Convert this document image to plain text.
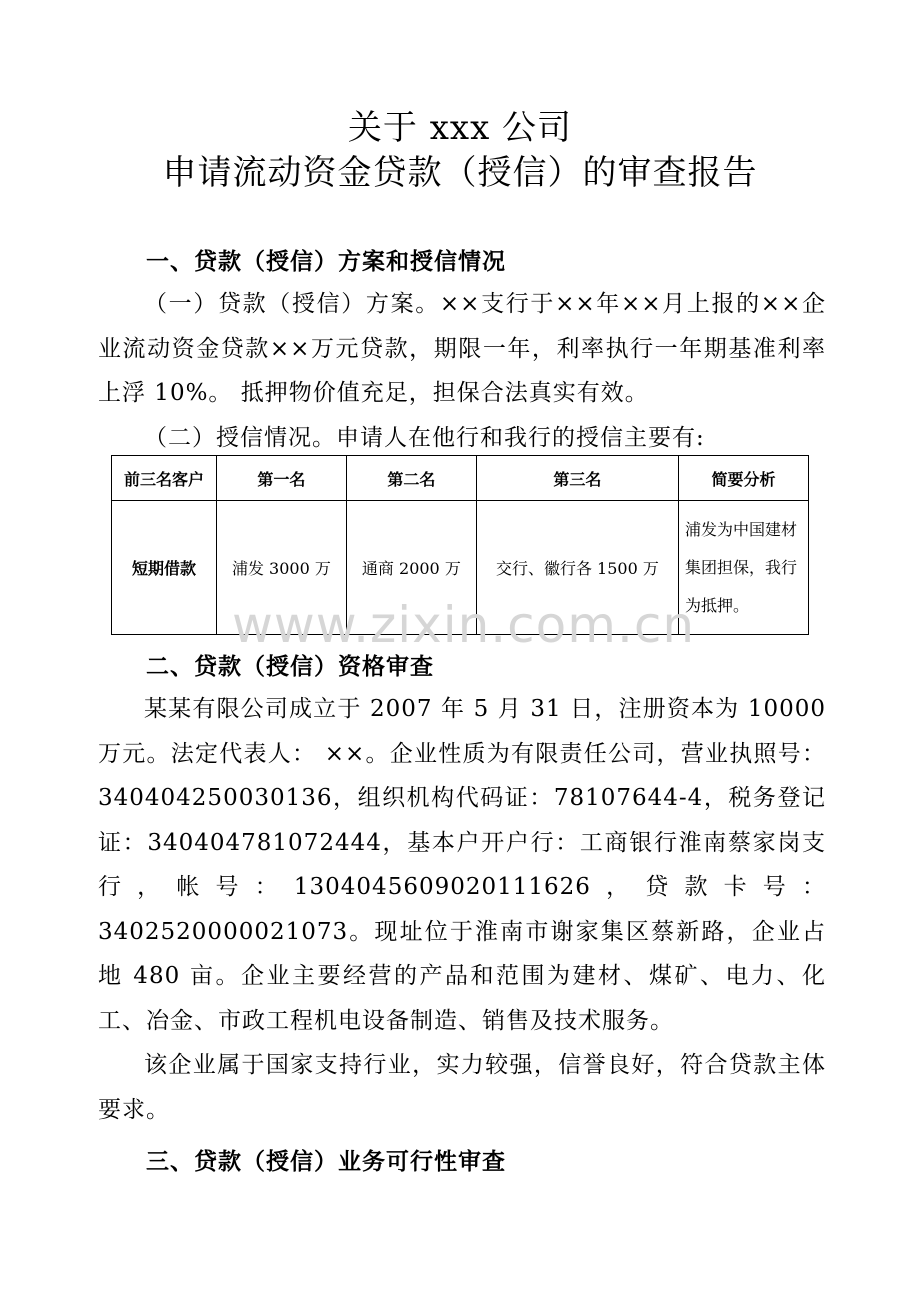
关于 xxx 公司
申请流动资金贷款（授信）的审查报告
一、贷款（授信）方案和授信情况
（一）贷款（授信）方案。××支行于××年××月上报的××企业流动资金贷款××万元贷款，期限一年，利率执行一年期基准利率上浮 10%。 抵押物价值充足，担保合法真实有效。
（二）授信情况。申请人在他行和我行的授信主要有:
前三名客户	第一名	第二名	第三名	简要分析
短期借款	浦发 3000 万	通商 2000 万	交行、徽行各 1500 万	浦发为中国建材集团担保，我行为抵押。
www.zixin.com.cn
二、贷款（授信）资格审查
某某有限公司成立于 2007 年 5 月 31 日，注册资本为 10000 万元。法定代表人： ××。企业性质为有限责任公司，营业执照号：340404250030136，组织机构代码证：78107644-4，税务登记证：340404781072444，基本户开户行：工商银行淮南蔡家岗支行，帐号：1304045609020111626，贷款卡号：3402520000021073。现址位于淮南市谢家集区蔡新路，企业占地 480 亩。企业主要经营的产品和范围为建材、煤矿、电力、化工、冶金、市政工程机电设备制造、销售及技术服务。
该企业属于国家支持行业，实力较强，信誉良好，符合贷款主体要求。
三、贷款（授信）业务可行性审查
